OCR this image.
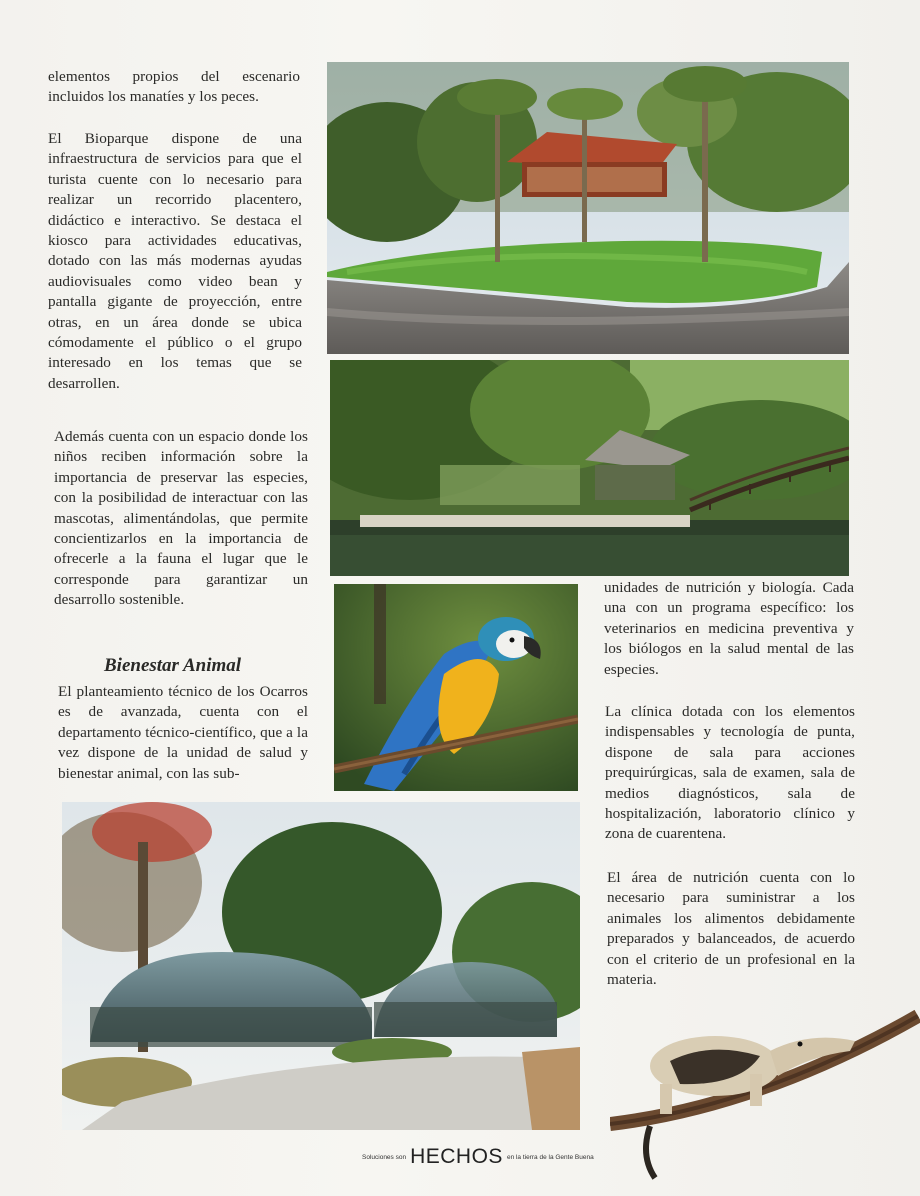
elementos propios del escenario incluidos los manatíes y los peces.

El Bioparque dispone de una infraestructura de servicios para que el turista cuente con lo necesario para realizar un recorrido placentero, didáctico e interactivo. Se destaca el kiosco para actividades educativas, dotado con las más modernas ayudas audiovisuales como video bean y pantalla gigante de proyección, entre otras, en un área donde se ubica cómodamente el público o el grupo interesado en los temas que se desarrollen.

Además cuenta con un espacio donde los niños reciben información sobre la importancia de preservar las especies, con la posibilidad de interactuar con las mascotas, alimentándolas, que permite concientizarlos en la importancia de ofrecerle a la fauna el lugar que le corresponde para garantizar un desarrollo sostenible.

Bienestar Animal

El planteamiento técnico de los Ocarros es de avanzada, cuenta con el departamento técnico-científico, que a la vez dispone de la unidad de salud y bienestar animal, con las sub-

unidades de nutrición y biología. Cada una con un programa específico: los veterinarios en medicina preventiva y los biólogos en la salud mental de las especies.

La clínica dotada con los elementos indispensables y tecnología de punta, dispone de sala para acciones prequirúrgicas, sala de examen, sala de medios diagnósticos, sala de hospitalización, laboratorio clínico y zona de cuarentena.

El área de nutrición cuenta con lo necesario para suministrar a los animales los alimentos debidamente preparados y balanceados, de acuerdo con el criterio de un profesional en la materia.

Soluciones son HECHOS en la tierra de la Gente Buena
